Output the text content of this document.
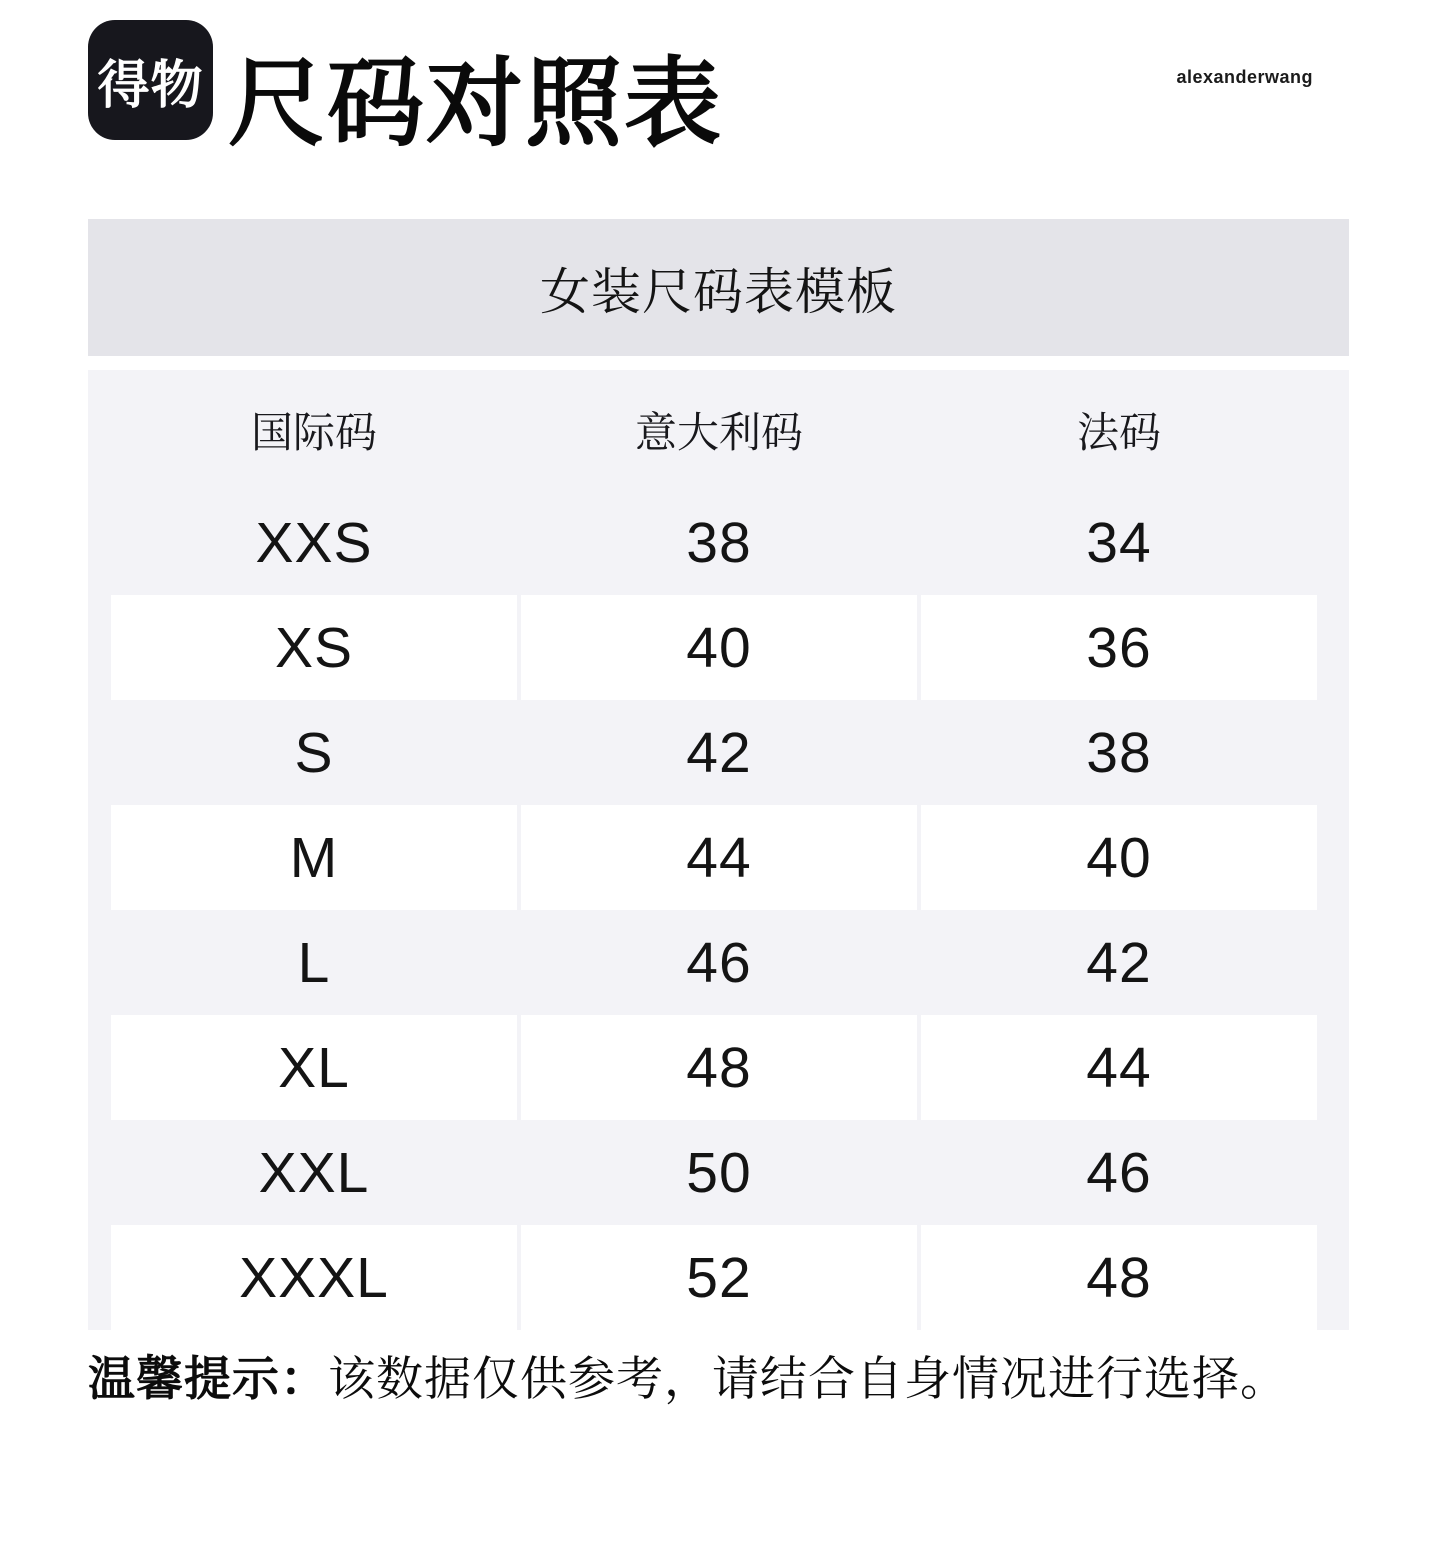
得物 尺码对照表	alexanderwang
女装尺码表模板
国际码	意大利码	法码
XXS	38	34
XS	40	36
S	42	38
M	44	40
L	46	42
XL	48	44
XXL	50	46
XXXL	52	48

温馨提示：该数据仅供参考，请结合自身情况进行选择。
